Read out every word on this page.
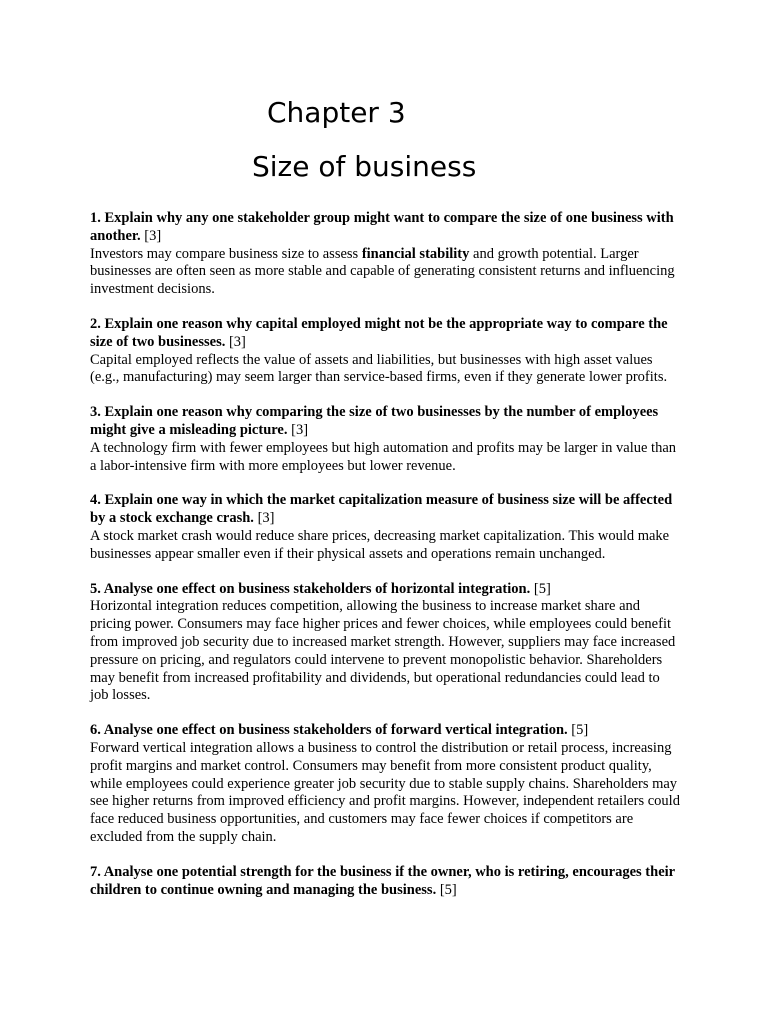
Chapter 3
Size of business

1. Explain why any one stakeholder group might want to compare the size of one business with another. [3]

Investors may compare business size to assess financial stability and growth potential. Larger businesses are often seen as more stable and capable of generating consistent returns and influencing investment decisions.

2. Explain one reason why capital employed might not be the appropriate way to compare the size of two businesses. [3]

Capital employed reflects the value of assets and liabilities, but businesses with high asset values (e.g., manufacturing) may seem larger than service-based firms, even if they generate lower profits.

3. Explain one reason why comparing the size of two businesses by the number of employees might give a misleading picture. [3]

A technology firm with fewer employees but high automation and profits may be larger in value than a labor-intensive firm with more employees but lower revenue.

4. Explain one way in which the market capitalization measure of business size will be affected by a stock exchange crash. [3]

A stock market crash would reduce share prices, decreasing market capitalization. This would make businesses appear smaller even if their physical assets and operations remain unchanged.

5. Analyse one effect on business stakeholders of horizontal integration. [5]

Horizontal integration reduces competition, allowing the business to increase market share and pricing power. Consumers may face higher prices and fewer choices, while employees could benefit from improved job security due to increased market strength. However, suppliers may face increased pressure on pricing, and regulators could intervene to prevent monopolistic behavior. Shareholders may benefit from increased profitability and dividends, but operational redundancies could lead to job losses.

6. Analyse one effect on business stakeholders of forward vertical integration. [5]

Forward vertical integration allows a business to control the distribution or retail process, increasing profit margins and market control. Consumers may benefit from more consistent product quality, while employees could experience greater job security due to stable supply chains. Shareholders may see higher returns from improved efficiency and profit margins. However, independent retailers could face reduced business opportunities, and customers may face fewer choices if competitors are excluded from the supply chain.

7. Analyse one potential strength for the business if the owner, who is retiring, encourages their children to continue owning and managing the business. [5]
